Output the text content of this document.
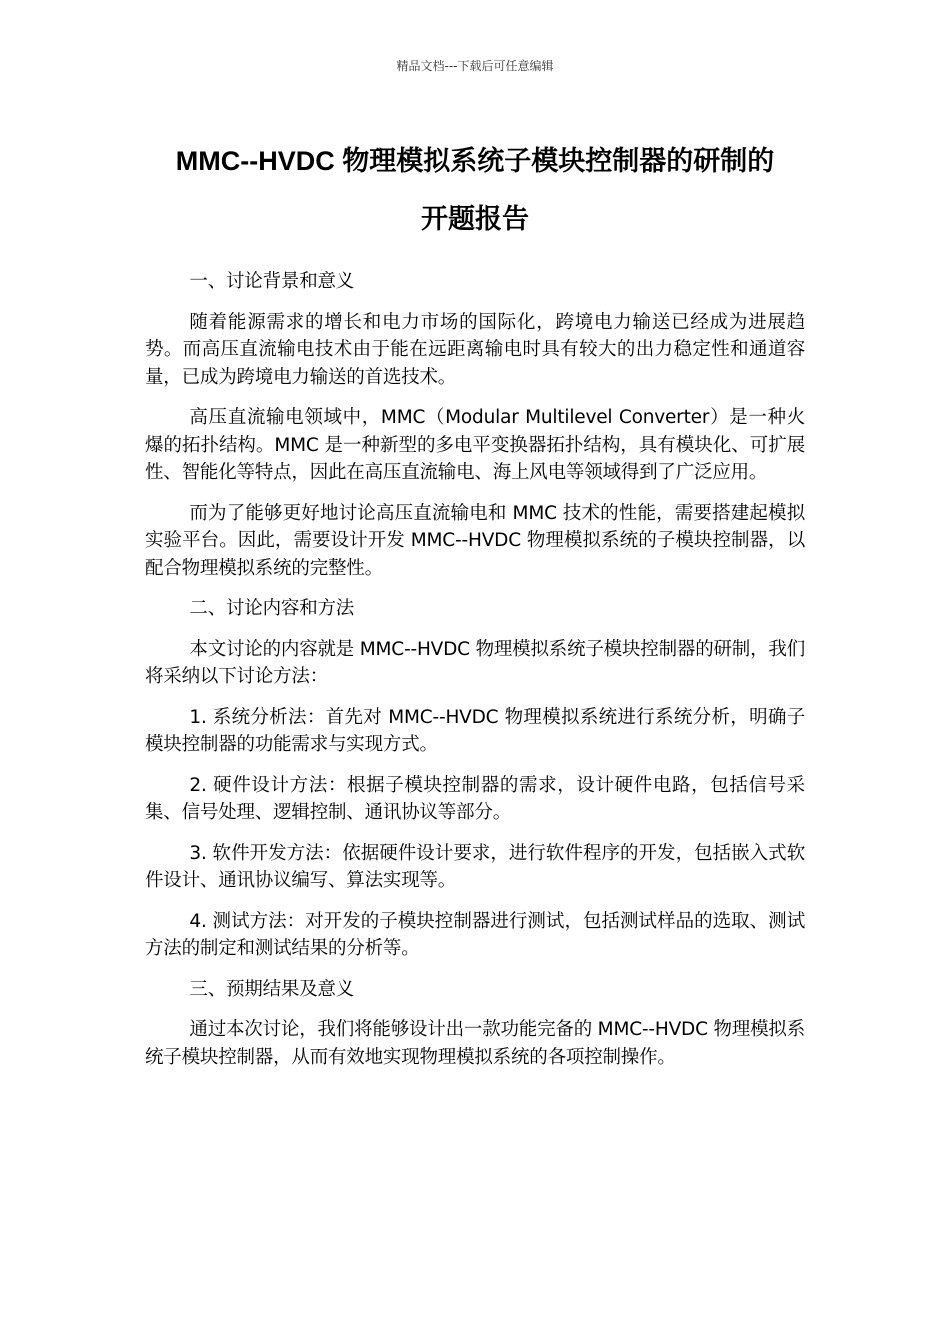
精品文档---下载后可任意编辑
MMC--HVDC 物理模拟系统子模块控制器的研制的
开题报告

一、讨论背景和意义

随着能源需求的增长和电力市场的国际化，跨境电力输送已经成为进展趋势。而高压直流输电技术由于能在远距离输电时具有较大的出力稳定性和通道容量，已成为跨境电力输送的首选技术。

高压直流输电领域中，MMC（Modular Multilevel Converter）是一种火爆的拓扑结构。MMC 是一种新型的多电平变换器拓扑结构，具有模块化、可扩展性、智能化等特点，因此在高压直流输电、海上风电等领域得到了广泛应用。

而为了能够更好地讨论高压直流输电和 MMC 技术的性能，需要搭建起模拟实验平台。因此，需要设计开发 MMC--HVDC 物理模拟系统的子模块控制器，以配合物理模拟系统的完整性。

二、讨论内容和方法

本文讨论的内容就是 MMC--HVDC 物理模拟系统子模块控制器的研制，我们将采纳以下讨论方法：

1. 系统分析法：首先对 MMC--HVDC 物理模拟系统进行系统分析，明确子模块控制器的功能需求与实现方式。

2. 硬件设计方法：根据子模块控制器的需求，设计硬件电路，包括信号采集、信号处理、逻辑控制、通讯协议等部分。

3. 软件开发方法：依据硬件设计要求，进行软件程序的开发，包括嵌入式软件设计、通讯协议编写、算法实现等。

4. 测试方法：对开发的子模块控制器进行测试，包括测试样品的选取、测试方法的制定和测试结果的分析等。

三、预期结果及意义

通过本次讨论，我们将能够设计出一款功能完备的 MMC--HVDC 物理模拟系统子模块控制器，从而有效地实现物理模拟系统的各项控制操作。
